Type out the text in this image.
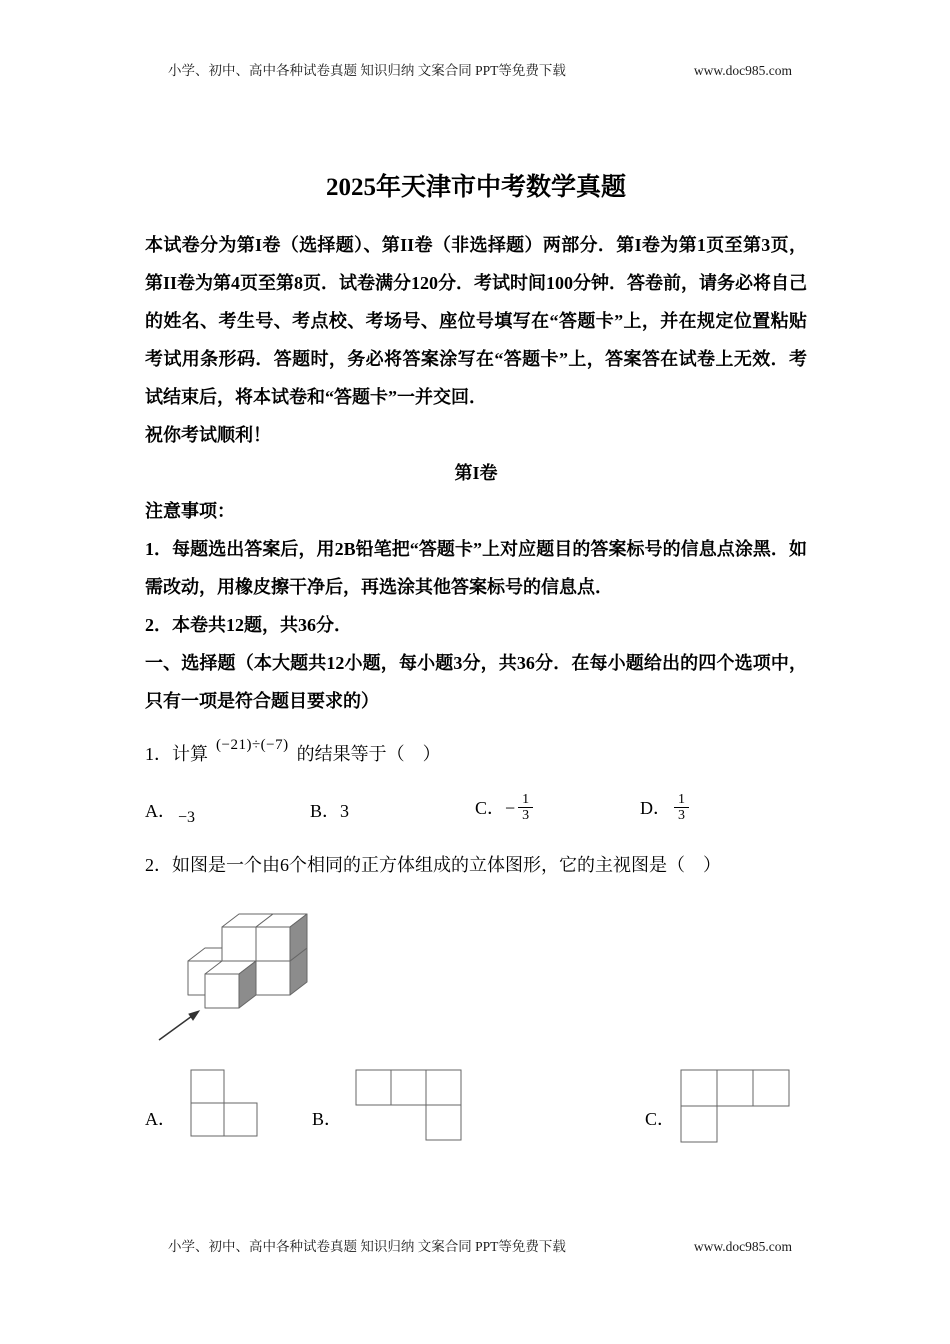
小学、初中、高中各种试卷真题 知识归纳 文案合同 PPT等免费下载	www.doc985.com
2025年天津市中考数学真题

本试卷分为第I卷（选择题）、第II卷（非选择题）两部分．第I卷为第1页至第3页，第II卷为第4页至第8页．试卷满分120分．考试时间100分钟．答卷前，请务必将自己的姓名、考生号、考点校、考场号、座位号填写在“答题卡”上，并在规定位置粘贴考试用条形码．答题时，务必将答案涂写在“答题卡”上，答案答在试卷上无效．考试结束后，将本试卷和“答题卡”一并交回．

祝你考试顺利！

第I卷

注意事项：

1．每题选出答案后，用2B铅笔把“答题卡”上对应题目的答案标号的信息点涂黑．如需改动，用橡皮擦干净后，再选涂其他答案标号的信息点．

2．本卷共12题，共36分．

一、选择题（本大题共12小题，每小题3分，共36分．在每小题给出的四个选项中，只有一项是符合题目要求的）

1．计算 (−21)÷(−7) 的结果等于（　）
A． −3	B．3	C．− $\frac{1}{3}$	D． $\frac{1}{3}$

2．如图是一个由6个相同的正方体组成的立体图形，它的主视图是（　）

A．	B．	C．
小学、初中、高中各种试卷真题 知识归纳 文案合同 PPT等免费下载	www.doc985.com
